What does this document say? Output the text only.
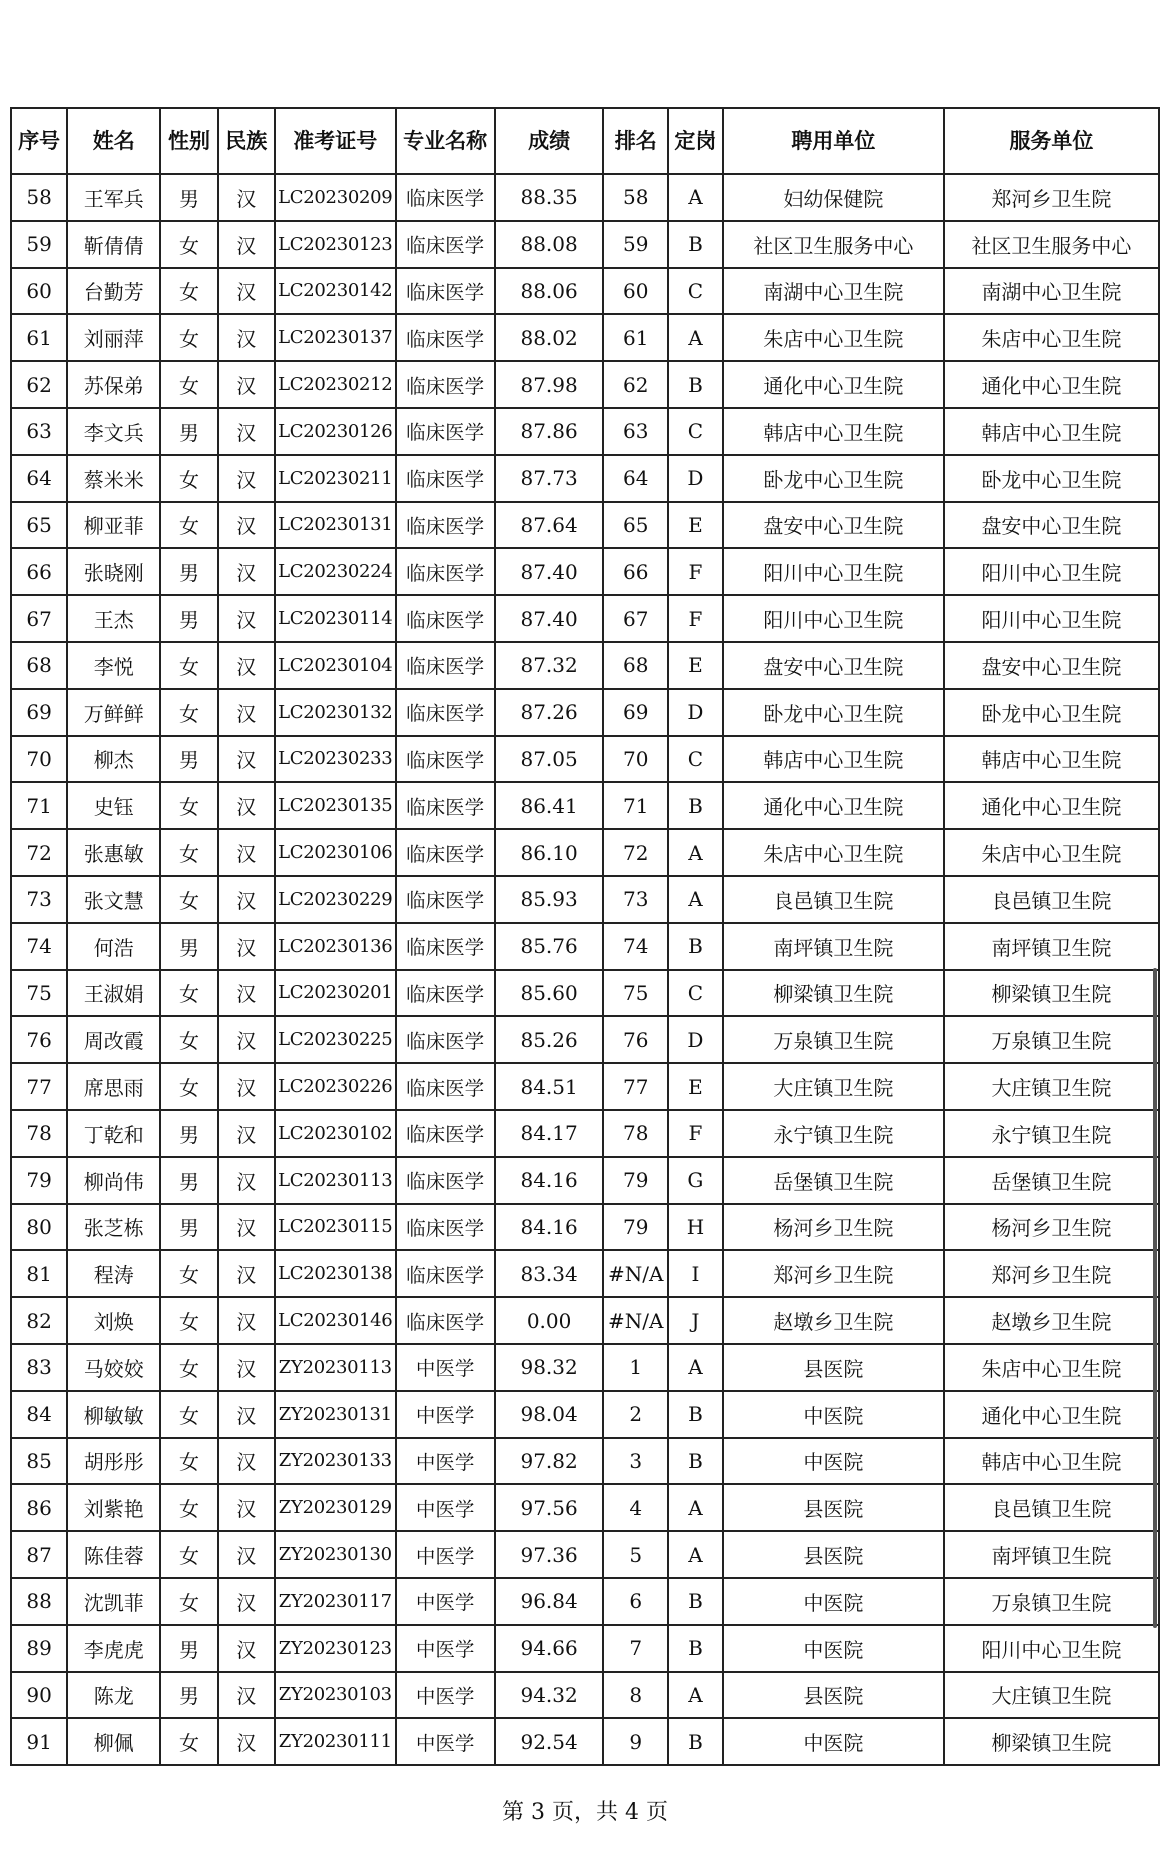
序号	姓名	性别	民族	准考证号	专业名称	成绩	排名	定岗	聘用单位	服务单位
58	王军兵	男	汉	LC20230209	临床医学	88.35	58	A	妇幼保健院	郑河乡卫生院
59	靳倩倩	女	汉	LC20230123	临床医学	88.08	59	B	社区卫生服务中心	社区卫生服务中心
60	台勤芳	女	汉	LC20230142	临床医学	88.06	60	C	南湖中心卫生院	南湖中心卫生院
61	刘丽萍	女	汉	LC20230137	临床医学	88.02	61	A	朱店中心卫生院	朱店中心卫生院
62	苏保弟	女	汉	LC20230212	临床医学	87.98	62	B	通化中心卫生院	通化中心卫生院
63	李文兵	男	汉	LC20230126	临床医学	87.86	63	C	韩店中心卫生院	韩店中心卫生院
64	蔡米米	女	汉	LC20230211	临床医学	87.73	64	D	卧龙中心卫生院	卧龙中心卫生院
65	柳亚菲	女	汉	LC20230131	临床医学	87.64	65	E	盘安中心卫生院	盘安中心卫生院
66	张晓刚	男	汉	LC20230224	临床医学	87.40	66	F	阳川中心卫生院	阳川中心卫生院
67	王杰	男	汉	LC20230114	临床医学	87.40	67	F	阳川中心卫生院	阳川中心卫生院
68	李悦	女	汉	LC20230104	临床医学	87.32	68	E	盘安中心卫生院	盘安中心卫生院
69	万鲜鲜	女	汉	LC20230132	临床医学	87.26	69	D	卧龙中心卫生院	卧龙中心卫生院
70	柳杰	男	汉	LC20230233	临床医学	87.05	70	C	韩店中心卫生院	韩店中心卫生院
71	史钰	女	汉	LC20230135	临床医学	86.41	71	B	通化中心卫生院	通化中心卫生院
72	张惠敏	女	汉	LC20230106	临床医学	86.10	72	A	朱店中心卫生院	朱店中心卫生院
73	张文慧	女	汉	LC20230229	临床医学	85.93	73	A	良邑镇卫生院	良邑镇卫生院
74	何浩	男	汉	LC20230136	临床医学	85.76	74	B	南坪镇卫生院	南坪镇卫生院
75	王淑娟	女	汉	LC20230201	临床医学	85.60	75	C	柳梁镇卫生院	柳梁镇卫生院
76	周改霞	女	汉	LC20230225	临床医学	85.26	76	D	万泉镇卫生院	万泉镇卫生院
77	席思雨	女	汉	LC20230226	临床医学	84.51	77	E	大庄镇卫生院	大庄镇卫生院
78	丁乾和	男	汉	LC20230102	临床医学	84.17	78	F	永宁镇卫生院	永宁镇卫生院
79	柳尚伟	男	汉	LC20230113	临床医学	84.16	79	G	岳堡镇卫生院	岳堡镇卫生院
80	张芝栋	男	汉	LC20230115	临床医学	84.16	79	H	杨河乡卫生院	杨河乡卫生院
81	程涛	女	汉	LC20230138	临床医学	83.34	#N/A	I	郑河乡卫生院	郑河乡卫生院
82	刘焕	女	汉	LC20230146	临床医学	0.00	#N/A	J	赵墩乡卫生院	赵墩乡卫生院
83	马姣姣	女	汉	ZY20230113	中医学	98.32	1	A	县医院	朱店中心卫生院
84	柳敏敏	女	汉	ZY20230131	中医学	98.04	2	B	中医院	通化中心卫生院
85	胡彤彤	女	汉	ZY20230133	中医学	97.82	3	B	中医院	韩店中心卫生院
86	刘紫艳	女	汉	ZY20230129	中医学	97.56	4	A	县医院	良邑镇卫生院
87	陈佳蓉	女	汉	ZY20230130	中医学	97.36	5	A	县医院	南坪镇卫生院
88	沈凯菲	女	汉	ZY20230117	中医学	96.84	6	B	中医院	万泉镇卫生院
89	李虎虎	男	汉	ZY20230123	中医学	94.66	7	B	中医院	阳川中心卫生院
90	陈龙	男	汉	ZY20230103	中医学	94.32	8	A	县医院	大庄镇卫生院
91	柳佩	女	汉	ZY20230111	中医学	92.54	9	B	中医院	柳梁镇卫生院
第 3 页，共 4 页
